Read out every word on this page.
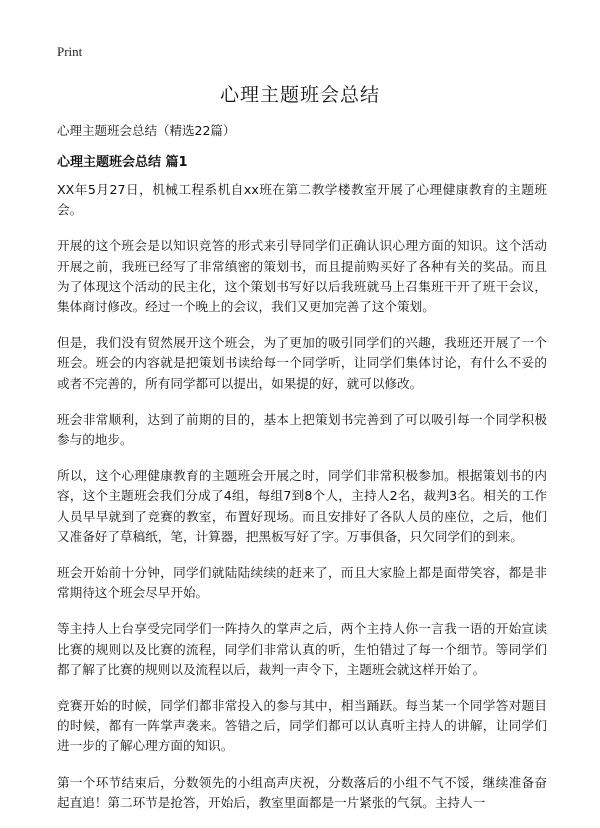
Print
心理主题班会总结

心理主题班会总结（精选22篇）

心理主题班会总结 篇1

XX年5月27日，机械工程系机自xx班在第二教学楼教室开展了心理健康教育的主题班会。

开展的这个班会是以知识竞答的形式来引导同学们正确认识心理方面的知识。这个活动开展之前，我班已经写了非常缜密的策划书，而且提前购买好了各种有关的奖品。而且为了体现这个活动的民主化，这个策划书写好以后我班就马上召集班干开了班干会议，集体商讨修改。经过一个晚上的会议，我们又更加完善了这个策划。

但是，我们没有贸然展开这个班会，为了更加的吸引同学们的兴趣，我班还开展了一个班会。班会的内容就是把策划书读给每一个同学听，让同学们集体讨论，有什么不妥的或者不完善的，所有同学都可以提出，如果提的好，就可以修改。

班会非常顺利，达到了前期的目的，基本上把策划书完善到了可以吸引每一个同学积极参与的地步。

所以，这个心理健康教育的主题班会开展之时，同学们非常积极参加。根据策划书的内容，这个主题班会我们分成了4组，每组7到8个人，主持人2名，裁判3名。相关的工作人员早早就到了竞赛的教室，布置好现场。而且安排好了各队人员的座位，之后，他们又准备好了草稿纸，笔，计算器，把黑板写好了字。万事俱备，只欠同学们的到来。

班会开始前十分钟，同学们就陆陆续续的赶来了，而且大家脸上都是面带笑容，都是非常期待这个班会尽早开始。

等主持人上台享受完同学们一阵持久的掌声之后，两个主持人你一言我一语的开始宣读比赛的规则以及比赛的流程，同学们非常认真的听，生怕错过了每一个细节。等同学们都了解了比赛的规则以及流程以后，裁判一声令下，主题班会就这样开始了。

竞赛开始的时候，同学们都非常投入的参与其中，相当踊跃。每当某一个同学答对题目的时候，都有一阵掌声袭来。答错之后，同学们都可以认真听主持人的讲解，让同学们进一步的了解心理方面的知识。

第一个环节结束后，分数领先的小组高声庆祝，分数落后的小组不气不馁，继续准备奋起直追！第二环节是抢答，开始后，教室里面都是一片紧张的气氛。主持人一
